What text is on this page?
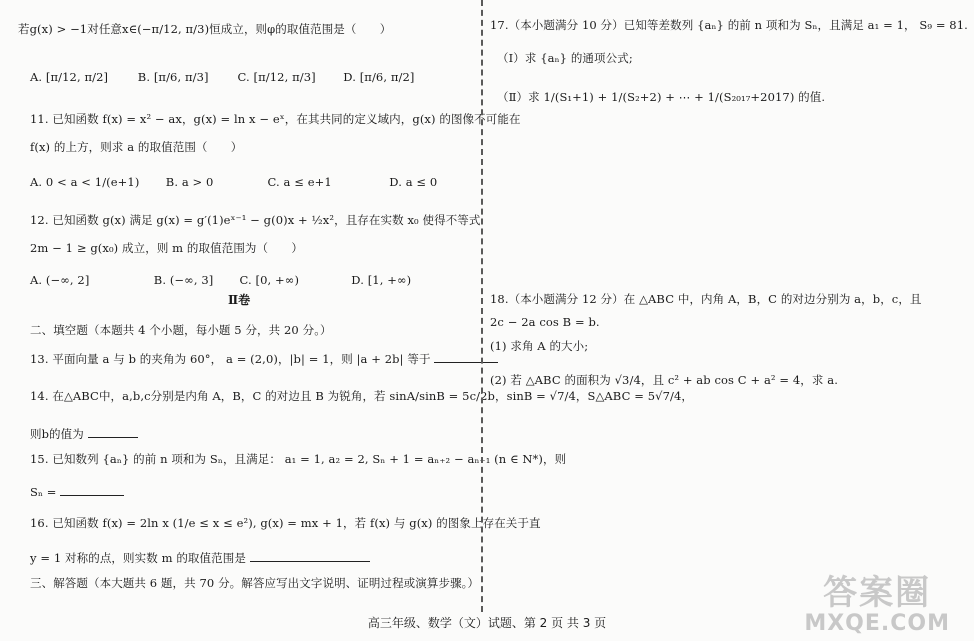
若g(x) > −1对任意x∈(−π/12, π/3)恒成立，则φ的取值范围是（　　）
A. [π/12, π/2]	B. [π/6, π/3]	C. [π/12, π/3] D. [π/6, π/2]
11. 已知函数 f(x) = x² − ax，g(x) = ln x − eˣ，在其共同的定义域内，g(x) 的图像不可能在
f(x) 的上方，则求 a 的取值范围（　　）
A. 0 < a < 1/(e+1) B. a > 0	C. a ≤ e+1	D. a ≤ 0
12. 已知函数 g(x) 满足 g(x) = g′(1)eˣ⁻¹ − g(0)x + ½x²，且存在实数 x₀ 使得不等式
2m − 1 ≥ g(x₀) 成立，则 m 的取值范围为（　　）
A. (−∞, 2]	B. (−∞, 3] C. [0, +∞)	D. [1, +∞)
Ⅱ卷
二、填空题（本题共 4 个小题，每小题 5 分，共 20 分。）
13. 平面向量 a 与 b 的夹角为 60°， a = (2,0)，|b| = 1，则 |a + 2b| 等于
14. 在△ABC中，a,b,c分别是内角 A，B，C 的对边且 B 为锐角，若 sinA/sinB = 5c/2b，sinB = √7/4，S△ABC = 5√7/4，
则b的值为
15. 已知数列 {aₙ} 的前 n 项和为 Sₙ，且满足： a₁ = 1, a₂ = 2, Sₙ + 1 = aₙ₊₂ − aₙ₊₁ (n ∈ N*)，则
Sₙ =
16. 已知函数 f(x) = 2ln x (1/e ≤ x ≤ e²), g(x) = mx + 1，若 f(x) 与 g(x) 的图象上存在关于直
y = 1 对称的点，则实数 m 的取值范围是
三、解答题（本大题共 6 题，共 70 分。解答应写出文字说明、证明过程或演算步骤。）
17.（本小题满分 10 分）已知等差数列 {aₙ} 的前 n 项和为 Sₙ，且满足 a₁ = 1， S₉ = 81.
（Ⅰ）求 {aₙ} 的通项公式;
（Ⅱ）求 1/(S₁+1) + 1/(S₂+2) + ⋯ + 1/(S₂₀₁₇+2017) 的值.
18.（本小题满分 12 分）在 △ABC 中，内角 A，B，C 的对边分别为 a，b，c，且
2c − 2a cos B = b.
(1) 求角 A 的大小;
(2) 若 △ABC 的面积为 √3/4，且 c² + ab cos C + a² = 4，求 a.
答案圈
MXQE.COM
高三年级、数学（文）试题、第 2 页 共 3 页
